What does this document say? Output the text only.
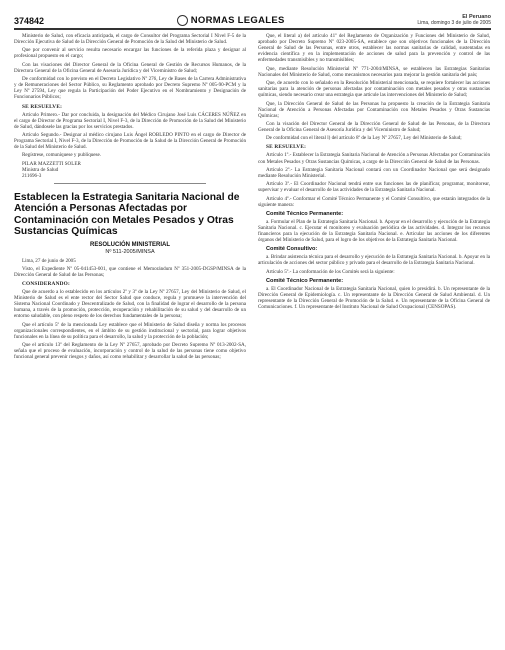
374842	NORMAS LEGALES	El Peruano
Lima, domingo 3 de julio de 2005

Ministerio de Salud, con eficacia anticipada, el cargo de Consultor del Programa Sectorial I Nivel F-5 de la Dirección Ejecutiva de Salud de la Dirección General de Promoción de la Salud del Ministerio de Salud.

Que por convenir al servicio resulta necesario encargar las funciones de la referida plaza y designar al profesional propuesto en el cargo;

Con las visaciones del Director General de la Oficina General de Gestión de Recursos Humanos, de la Directora General de la Oficina General de Asesoría Jurídica y del Viceministro de Salud;

De conformidad con lo previsto en el Decreto Legislativo Nº 276, Ley de Bases de la Carrera Administrativa y de Remuneraciones del Sector Público, su Reglamento aprobado por Decreto Supremo Nº 005-90-PCM y la Ley Nº 27594, Ley que regula la Participación del Poder Ejecutivo en el Nombramiento y Designación de Funcionarios Públicos;

SE RESUELVE:

Artículo Primero.- Dar por concluida, la designación del Médico Cirujano José Luis CÁCERES NÚÑEZ en el cargo de Director de Programa Sectorial I, Nivel F-3, de la Dirección de Promoción de la Salud del Ministerio de Salud, dándosele las gracias por los servicios prestados.

Artículo Segundo.- Designar al médico cirujano Luis Ángel ROBLEDO PINTO en el cargo de Director de Programa Sectorial I, Nivel F-3, de la Dirección de Promoción de la Salud de la Dirección General de Promoción de la Salud del Ministerio de Salud.

Regístrese, comuníquese y publíquese.

PILAR MAZZETTI SOLER
Ministra de Salud
211696-3
Establecen la Estrategia Sanitaria Nacional de Atención a Personas Afectadas por Contaminación con Metales Pesados y Otras Sustancias Químicas
RESOLUCIÓN MINISTERIAL
Nº 511-2005/MINSA

Lima, 27 de junio de 2005

Visto, el Expediente Nº 05-041453-001, que contiene el Memorándum Nº 351-2005-DGSP/MINSA de la Dirección General de Salud de las Personas;

CONSIDERANDO:

Que de acuerdo a lo establecido en los artículos 2º y 3º de la Ley Nº 27657, Ley del Ministerio de Salud, el Ministerio de Salud es el ente rector del Sector Salud que conduce, regula y promueve la intervención del Sistema Nacional Coordinado y Descentralizado de Salud, con la finalidad de lograr el desarrollo de la persona humana, a través de la promoción, protección, recuperación y rehabilitación de su salud y del desarrollo de un entorno saludable, con pleno respeto de los derechos fundamentales de la persona;

Que el artículo 5º de la mencionada Ley establece que el Ministerio de Salud diseña y norma los procesos organizacionales correspondientes, en el ámbito de su gestión institucional y sectorial, para lograr objetivos funcionales en la línea de su política para el desarrollo, la salud y la protección de la población;

Que el artículo 13º del Reglamento de la Ley Nº 27657, aprobado por Decreto Supremo Nº 013-2002-SA, señala que el proceso de evaluación, incorporación y control de la salud de las personas tiene como objetivo funcional general prevenir riesgos y daños, así como rehabilitar y desarrollar la salud de las personas;

Que, el literal a) del artículo 41º del Reglamento de Organización y Funciones del Ministerio de Salud, aprobado por Decreto Supremo Nº 023-2005-SA, establece que son objetivos funcionales de la Dirección General de Salud de las Personas, entre otros, establecer las normas sanitarias de calidad, sustentadas en evidencia científica y en la implementación de acciones de salud para la prevención y control de las enfermedades transmisibles y no transmisibles;

Que, mediante Resolución Ministerial Nº 771-2004/MINSA, se establecen las Estrategias Sanitarias Nacionales del Ministerio de Salud, como mecanismos necesarios para mejorar la gestión sanitaria del país;

Que, de acuerdo con lo señalado en la Resolución Ministerial mencionada, se requiere fortalecer las acciones sanitarias para la atención de personas afectadas por contaminación con metales pesados y otras sustancias químicas, siendo necesario crear una estrategia que articule las intervenciones del Ministerio de Salud;

Que, la Dirección General de Salud de las Personas ha propuesto la creación de la Estrategia Sanitaria Nacional de Atención a Personas Afectadas por Contaminación con Metales Pesados y Otras Sustancias Químicas;

Con la visación del Director General de la Dirección General de Salud de las Personas, de la Directora General de la Oficina General de Asesoría Jurídica y del Viceministro de Salud;

De conformidad con el literal l) del artículo 8º de la Ley Nº 27657, Ley del Ministerio de Salud;

SE RESUELVE:

Artículo 1º.- Establecer la Estrategia Sanitaria Nacional de Atención a Personas Afectadas por Contaminación con Metales Pesados y Otras Sustancias Químicas, a cargo de la Dirección General de Salud de las Personas.

Artículo 2º.- La Estrategia Sanitaria Nacional contará con un Coordinador Nacional que será designado mediante Resolución Ministerial.

Artículo 3º.- El Coordinador Nacional tendrá entre sus funciones las de planificar, programar, monitorear, supervisar y evaluar el desarrollo de las actividades de la Estrategia Sanitaria Nacional.

Artículo 4º.- Conformar el Comité Técnico Permanente y el Comité Consultivo, que estarán integrados de la siguiente manera:

Comité Técnico Permanente:

a. Formular el Plan de la Estrategia Sanitaria Nacional. b. Apoyar en el desarrollo y ejecución de la Estrategia Sanitaria Nacional. c. Ejecutar el monitoreo y evaluación periódica de las actividades. d. Integrar los recursos financieros para la ejecución de la Estrategia Sanitaria Nacional. e. Articular las acciones de los diferentes órganos del Ministerio de Salud, para el logro de los objetivos de la Estrategia Sanitaria Nacional.

Comité Consultivo:

a. Brindar asistencia técnica para el desarrollo y ejecución de la Estrategia Sanitaria Nacional. b. Apoyar en la articulación de acciones del sector público y privado para el desarrollo de la Estrategia Sanitaria Nacional.

Artículo 5º.- La conformación de los Comités será la siguiente:

Comité Técnico Permanente:

a. El Coordinador Nacional de la Estrategia Sanitaria Nacional, quien lo presidirá. b. Un representante de la Dirección General de Epidemiología. c. Un representante de la Dirección General de Salud Ambiental. d. Un representante de la Dirección General de Promoción de la Salud. e. Un representante de la Oficina General de Comunicaciones. f. Un representante del Instituto Nacional de Salud Ocupacional (CENSOPAS).
